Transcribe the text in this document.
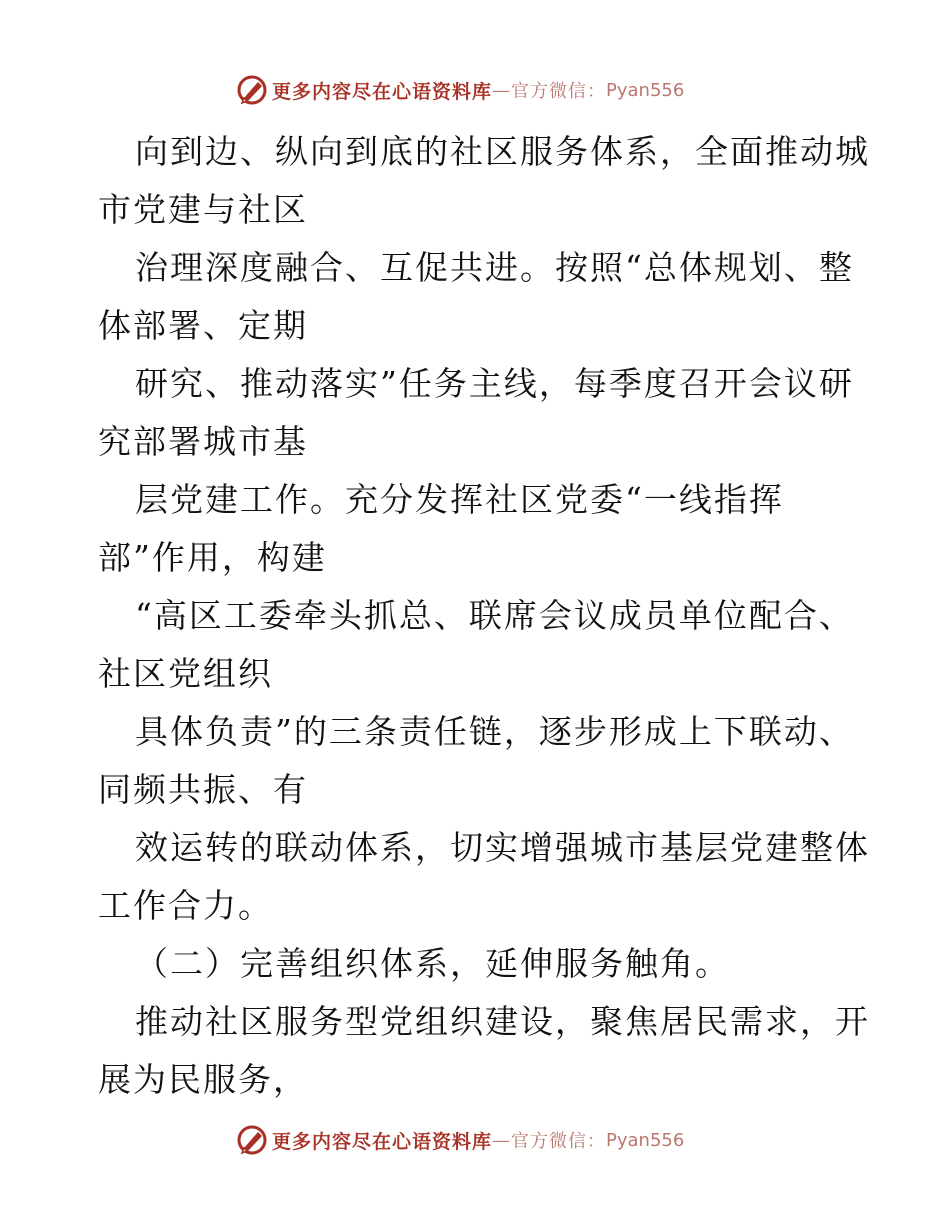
更多内容尽在心语资料库 — 官方微信： Pyan556
向到边、纵向到底的社区服务体系，全面推动城
市党建与社区
治理深度融合、互促共进。按照“总体规划、整
体部署、定期
研究、推动落实”任务主线，每季度召开会议研
究部署城市基
层党建工作。充分发挥社区党委“一线指挥
部”作用，构建
“高区工委牵头抓总、联席会议成员单位配合、
社区党组织
具体负责”的三条责任链，逐步形成上下联动、
同频共振、有
效运转的联动体系，切实增强城市基层党建整体
工作合力。
（二）完善组织体系，延伸服务触角。
推动社区服务型党组织建设，聚焦居民需求，开
展为民服务，
更多内容尽在心语资料库 — 官方微信： Pyan556
